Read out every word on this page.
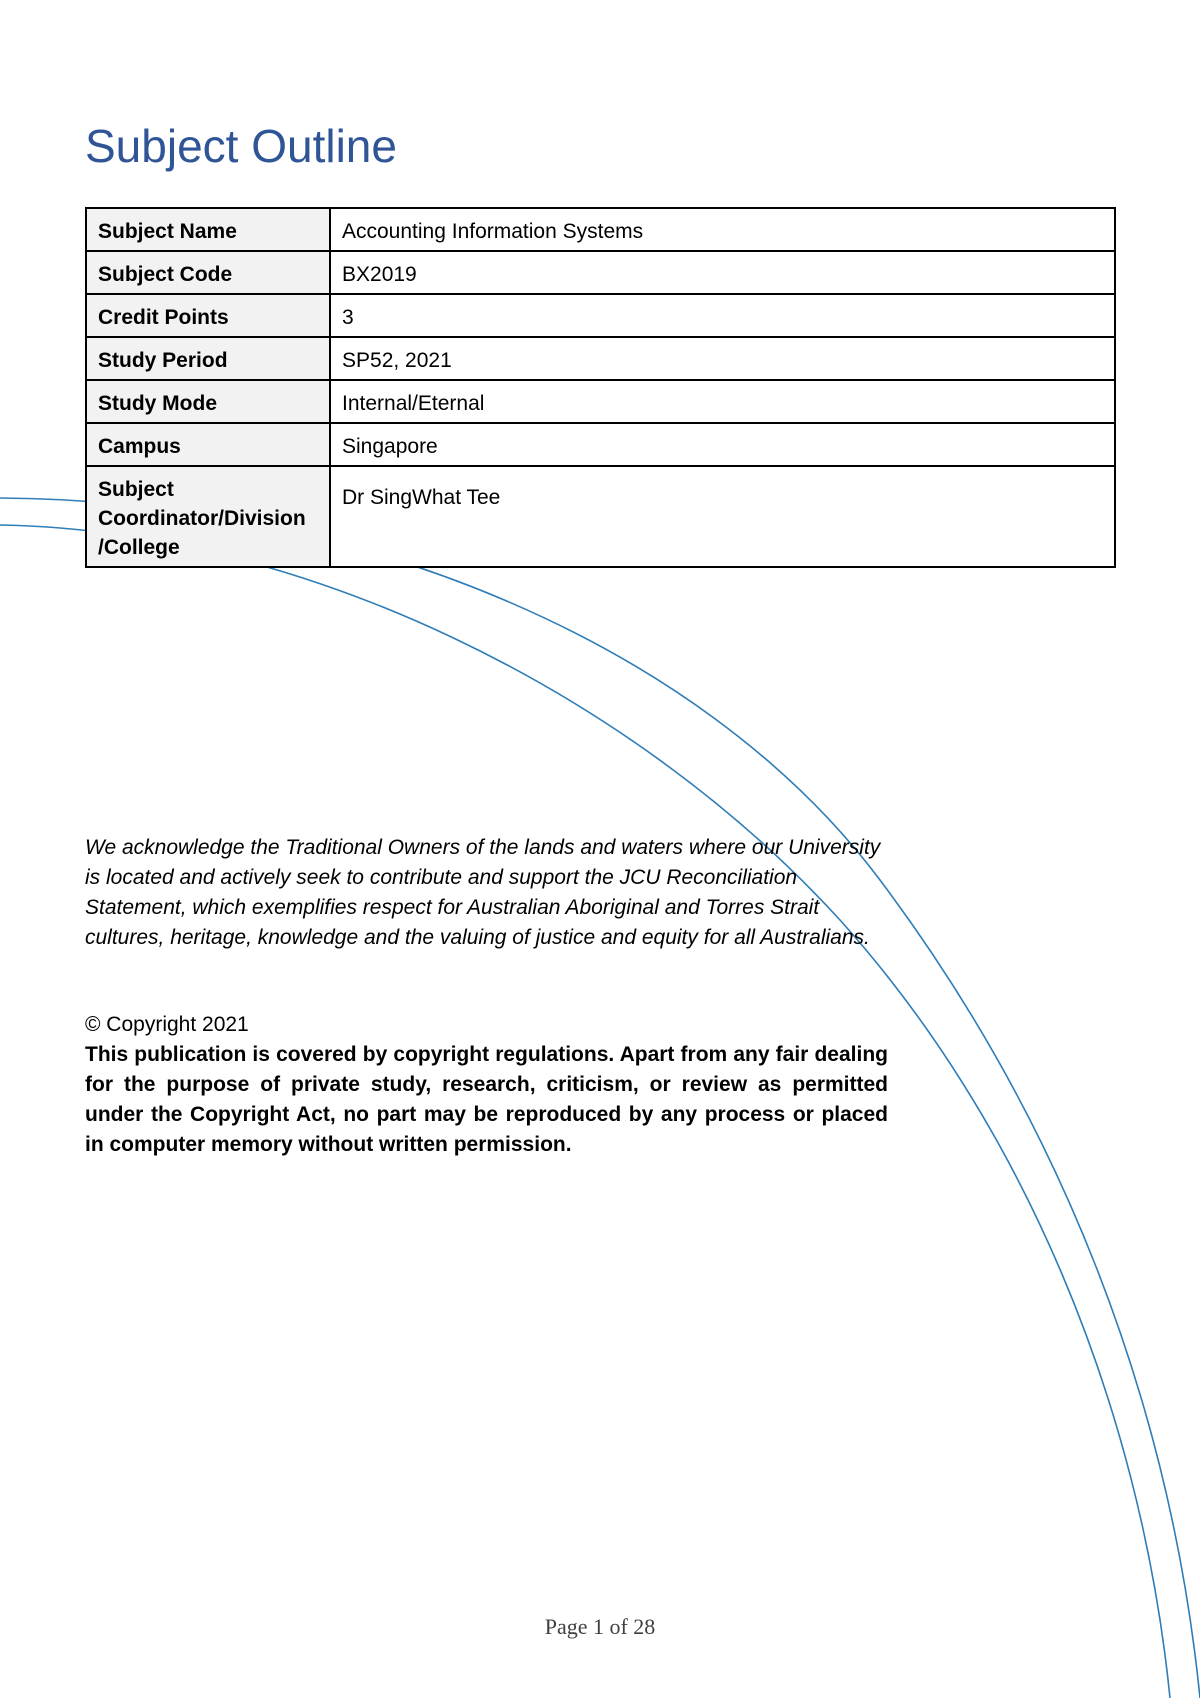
Subject Outline
Subject Name	Accounting Information Systems
Subject Code	BX2019
Credit Points	3
Study Period	SP52, 2021
Study Mode	Internal/Eternal
Campus	Singapore
Subject Coordinator/Division /College	Dr SingWhat Tee

We acknowledge the Traditional Owners of the lands and waters where our University is located and actively seek to contribute and support the JCU Reconciliation Statement, which exemplifies respect for Australian Aboriginal and Torres Strait cultures, heritage, knowledge and the valuing of justice and equity for all Australians.

© Copyright 2021

This publication is covered by copyright regulations. Apart from any fair dealing for the purpose of private study, research, criticism, or review as permitted under the Copyright Act, no part may be reproduced by any process or placed in computer memory without written permission.

Page 1 of 28
